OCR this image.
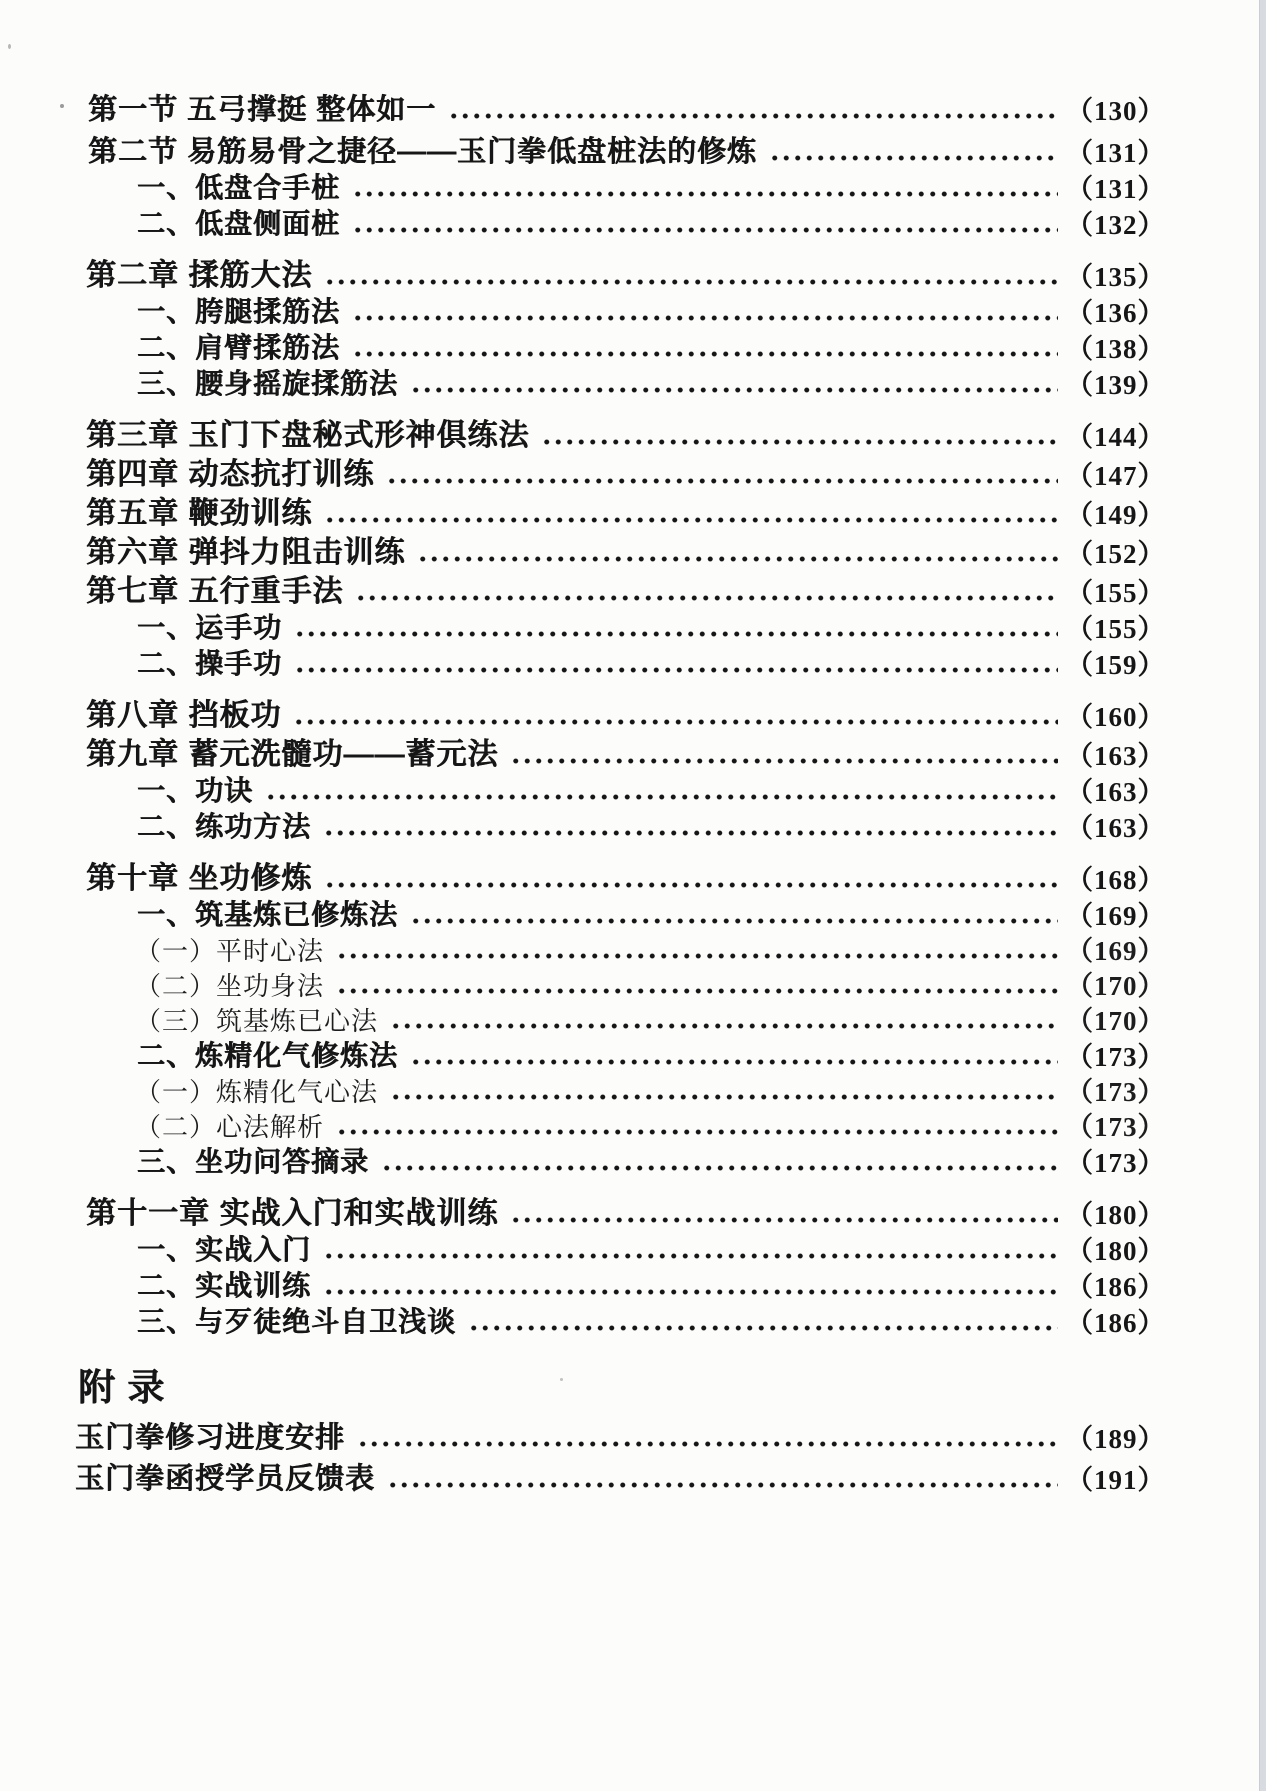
第一节 五弓撑挺 整体如一	（130）
第二节 易筋易骨之捷径——玉门拳低盘桩法的修炼	（131）
一、低盘合手桩	（131）
二、低盘侧面桩	（132）
第二章 揉筋大法	（135）
一、胯腿揉筋法	（136）
二、肩臂揉筋法	（138）
三、腰身摇旋揉筋法	（139）
第三章 玉门下盘秘式形神俱练法	（144）
第四章 动态抗打训练	（147）
第五章 鞭劲训练	（149）
第六章 弹抖力阻击训练	（152）
第七章 五行重手法	（155）
一、运手功	（155）
二、操手功	（159）
第八章 挡板功	（160）
第九章 蓄元洗髓功——蓄元法	（163）
一、功诀	（163）
二、练功方法	（163）
第十章 坐功修炼	（168）
一、筑基炼已修炼法	（169）
（一）平时心法	（169）
（二）坐功身法	（170）
（三）筑基炼已心法	（170）
二、炼精化气修炼法	（173）
（一）炼精化气心法	（173）
（二）心法解析	（173）
三、坐功问答摘录	（173）
第十一章 实战入门和实战训练	（180）
一、实战入门	（180）
二、实战训练	（186）
三、与歹徒绝斗自卫浅谈	（186）
附 录
玉门拳修习进度安排	（189）
玉门拳函授学员反馈表	（191）
